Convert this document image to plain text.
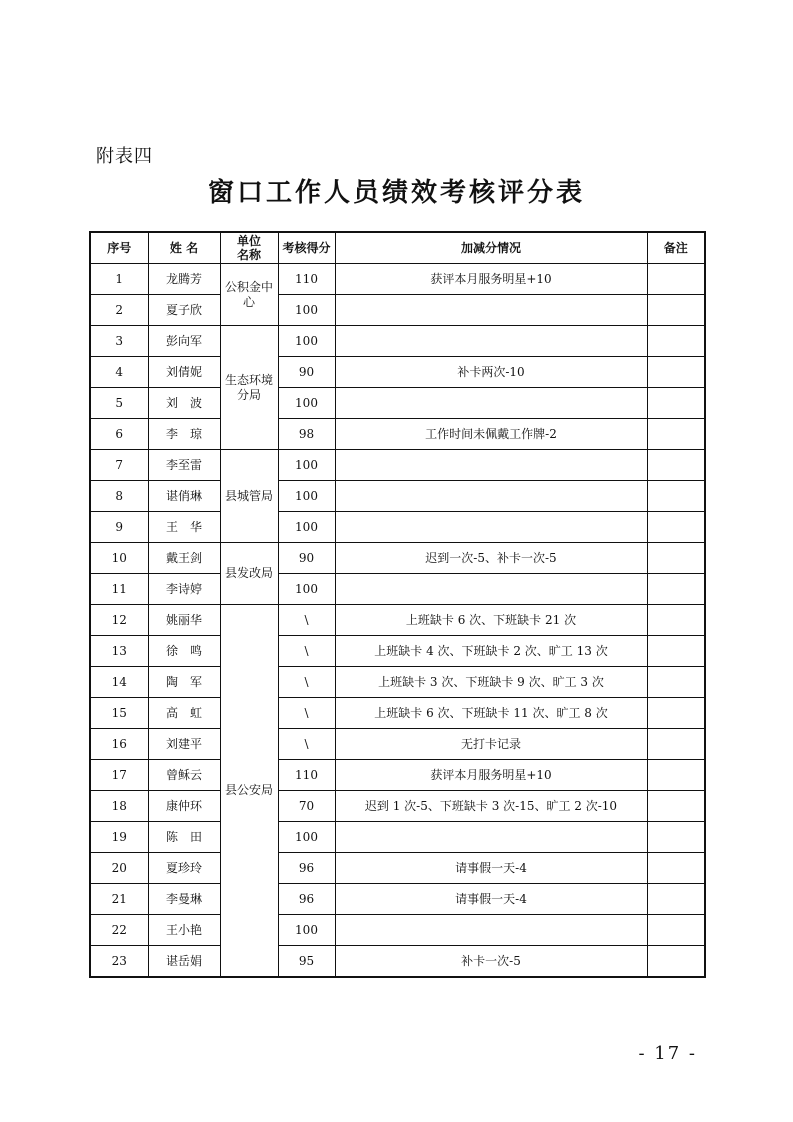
附表四
窗口工作人员绩效考核评分表
序号	姓 名	单位名称	考核得分	加减分情况	备注
1	龙腾芳	公积金中心	110	获评本月服务明星+10	
2	夏子欣		100		
3	彭向军	生态环境分局	100		
4	刘倩妮		90	补卡两次-10	
5	刘　波		100		
6	李　琼		98	工作时间未佩戴工作牌-2	
7	李至雷	县城管局	100		
8	谌俏琳		100		
9	王　华		100		
10	戴王剑	县发改局	90	迟到一次-5、补卡一次-5	
11	李诗婷		100		
12	姚丽华	县公安局	\	上班缺卡 6 次、下班缺卡 21 次	
13	徐　鸣		\	上班缺卡 4 次、下班缺卡 2 次、旷工 13 次	
14	陶　军		\	上班缺卡 3 次、下班缺卡 9 次、旷工 3 次	
15	高　虹		\	上班缺卡 6 次、下班缺卡 11 次、旷工 8 次	
16	刘建平		\	无打卡记录	
17	曾稣云		110	获评本月服务明星+10	
18	康仲环		70	迟到 1 次-5、下班缺卡 3 次-15、旷工 2 次-10	
19	陈　田		100		
20	夏珍玲		96	请事假一天-4	
21	李曼琳		96	请事假一天-4	
22	王小艳		100		
23	谌岳娟		95	补卡一次-5	
- 17 -
